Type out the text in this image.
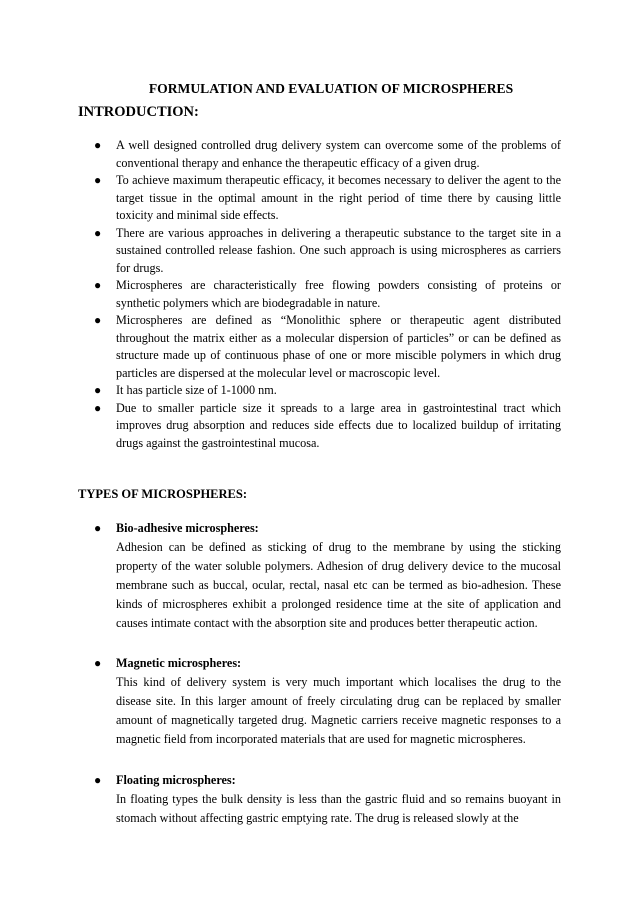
FORMULATION AND EVALUATION OF MICROSPHERES
INTRODUCTION:
● A well designed controlled drug delivery system can overcome some of the problems of conventional therapy and enhance the therapeutic efficacy of a given drug.
● To achieve maximum therapeutic efficacy, it becomes necessary to deliver the agent to the target tissue in the optimal amount in the right period of time there by causing little toxicity and minimal side effects.
● There are various approaches in delivering a therapeutic substance to the target site in a sustained controlled release fashion. One such approach is using microspheres as carriers for drugs.
● Microspheres are characteristically free flowing powders consisting of proteins or synthetic polymers which are biodegradable in nature.
● Microspheres are defined as “Monolithic sphere or therapeutic agent distributed throughout the matrix either as a molecular dispersion of particles” or can be defined as structure made up of continuous phase of one or more miscible polymers in which drug particles are dispersed at the molecular level or macroscopic level.
● It has particle size of 1-1000 nm.
● Due to smaller particle size it spreads to a large area in gastrointestinal tract which improves drug absorption and reduces side effects due to localized buildup of irritating drugs against the gastrointestinal mucosa.
TYPES OF MICROSPHERES:
● Bio-adhesive microspheres:

Adhesion can be defined as sticking of drug to the membrane by using the sticking property of the water soluble polymers. Adhesion of drug delivery device to the mucosal membrane such as buccal, ocular, rectal, nasal etc can be termed as bio-adhesion. These kinds of microspheres exhibit a prolonged residence time at the site of application and causes intimate contact with the absorption site and produces better therapeutic action.

● Magnetic microspheres:

This kind of delivery system is very much important which localises the drug to the disease site. In this larger amount of freely circulating drug can be replaced by smaller amount of magnetically targeted drug. Magnetic carriers receive magnetic responses to a magnetic field from incorporated materials that are used for magnetic microspheres.

● Floating microspheres:

In floating types the bulk density is less than the gastric fluid and so remains buoyant in stomach without affecting gastric emptying rate. The drug is released slowly at the
